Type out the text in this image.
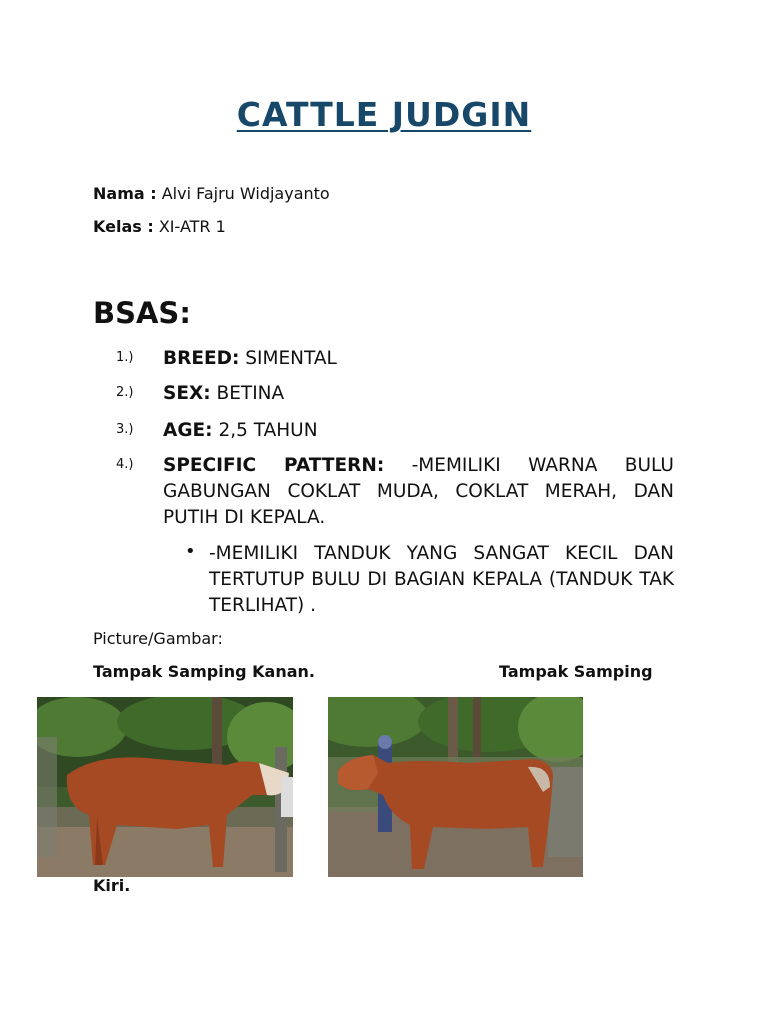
CATTLE JUDGIN
Nama : Alvi Fajru Widjayanto
Kelas : XI-ATR 1
BSAS:
1.) BREED: SIMENTAL
2.) SEX: BETINA
3.) AGE: 2,5 TAHUN
4.) SPECIFIC PATTERN: -MEMILIKI WARNA BULU GABUNGAN COKLAT MUDA, COKLAT MERAH, DAN PUTIH DI KEPALA.
• -MEMILIKI TANDUK YANG SANGAT KECIL DAN TERTUTUP BULU DI BAGIAN KEPALA (TANDUK TAK TERLIHAT) .
Picture/Gambar:
Tampak Samping Kanan.	Tampak Samping
Kiri.
